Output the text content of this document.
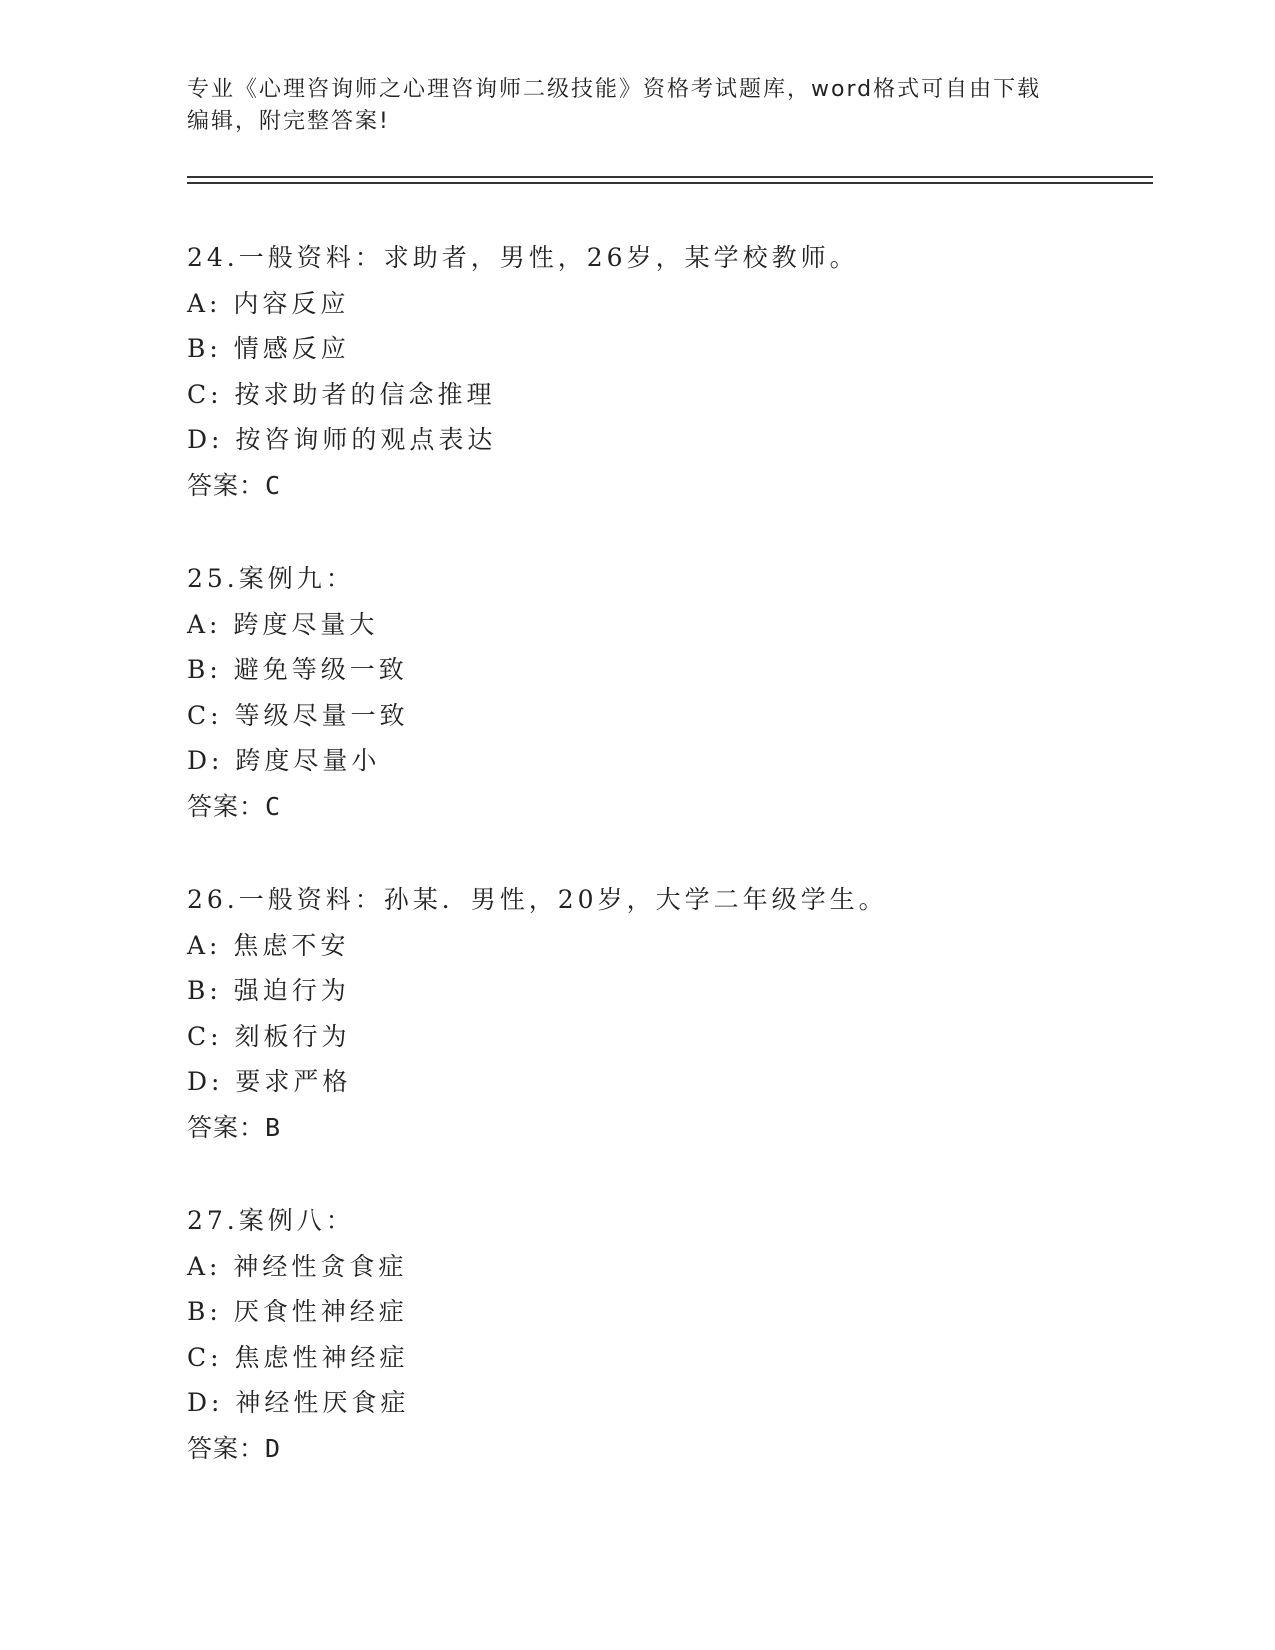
专业《心理咨询师之心理咨询师二级技能》资格考试题库，word格式可自由下载
编辑，附完整答案!
24.一般资料：求助者，男性，26岁，某学校教师。
A: 内容反应
B: 情感反应
C: 按求助者的信念推理
D: 按咨询师的观点表达
答案：C
25.案例九：
A: 跨度尽量大
B: 避免等级一致
C: 等级尽量一致
D: 跨度尽量小
答案：C
26.一般资料：孙某．男性，20岁，大学二年级学生。
A: 焦虑不安
B: 强迫行为
C: 刻板行为
D: 要求严格
答案：B
27.案例八：
A: 神经性贪食症
B: 厌食性神经症
C: 焦虑性神经症
D: 神经性厌食症
答案：D
